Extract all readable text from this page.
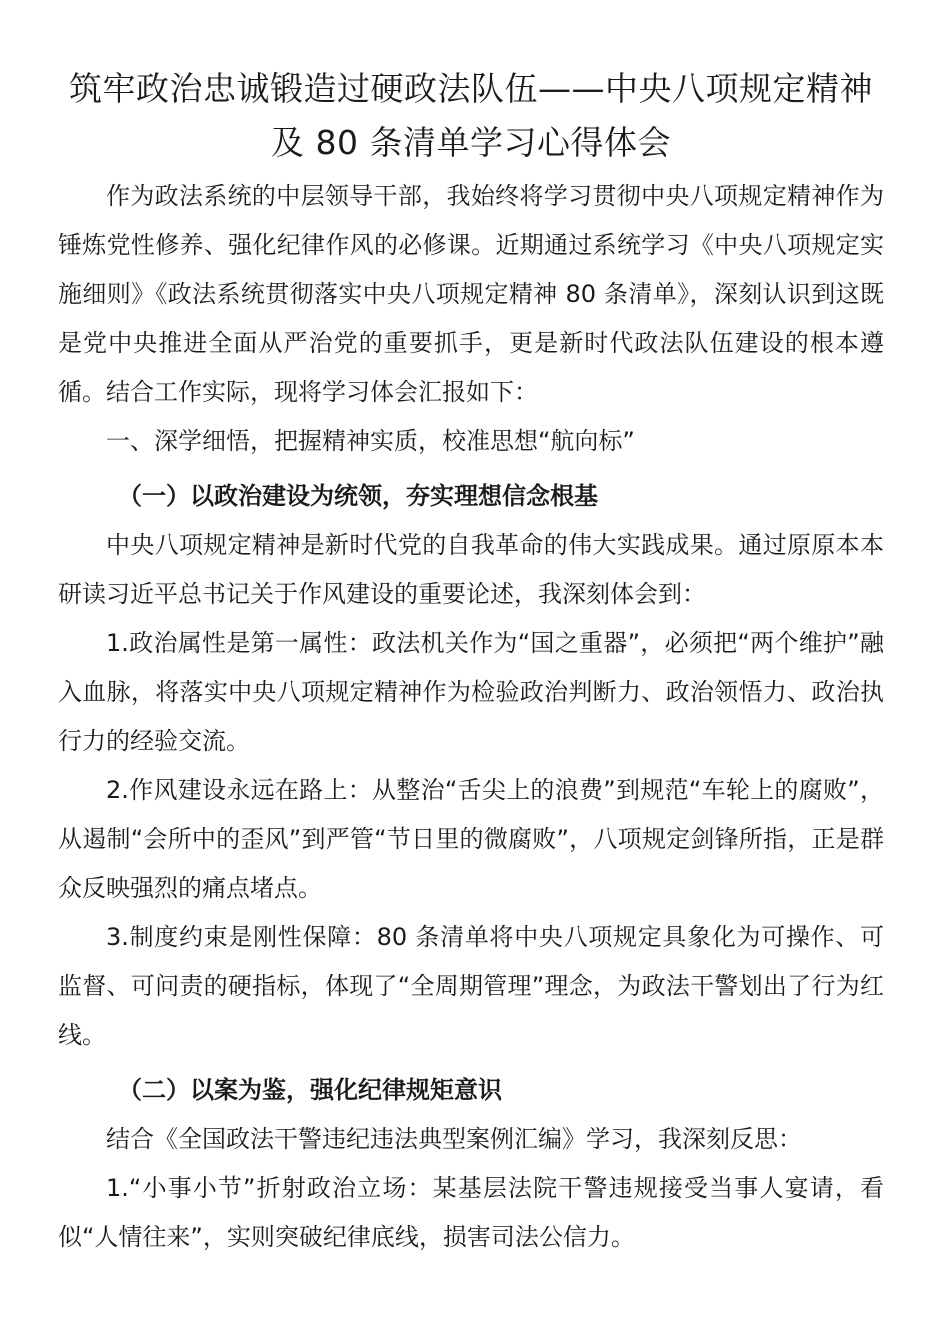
筑牢政治忠诚锻造过硬政法队伍——中央八项规定精神及 80 条清单学习心得体会

作为政法系统的中层领导干部，我始终将学习贯彻中央八项规定精神作为锤炼党性修养、强化纪律作风的必修课。近期通过系统学习《中央八项规定实施细则》《政法系统贯彻落实中央八项规定精神 80 条清单》，深刻认识到这既是党中央推进全面从严治党的重要抓手，更是新时代政法队伍建设的根本遵循。结合工作实际，现将学习体会汇报如下：

一、深学细悟，把握精神实质，校准思想“航向标”

（一）以政治建设为统领，夯实理想信念根基

中央八项规定精神是新时代党的自我革命的伟大实践成果。通过原原本本研读习近平总书记关于作风建设的重要论述，我深刻体会到：

1.政治属性是第一属性：政法机关作为“国之重器”，必须把“两个维护”融入血脉，将落实中央八项规定精神作为检验政治判断力、政治领悟力、政治执行力的经验交流。

2.作风建设永远在路上：从整治“舌尖上的浪费”到规范“车轮上的腐败”，从遏制“会所中的歪风”到严管“节日里的微腐败”，八项规定剑锋所指，正是群众反映强烈的痛点堵点。

3.制度约束是刚性保障：80 条清单将中央八项规定具象化为可操作、可监督、可问责的硬指标，体现了“全周期管理”理念，为政法干警划出了行为红线。

（二）以案为鉴，强化纪律规矩意识

结合《全国政法干警违纪违法典型案例汇编》学习，我深刻反思：

1.“小事小节”折射政治立场：某基层法院干警违规接受当事人宴请，看似“人情往来”，实则突破纪律底线，损害司法公信力。
